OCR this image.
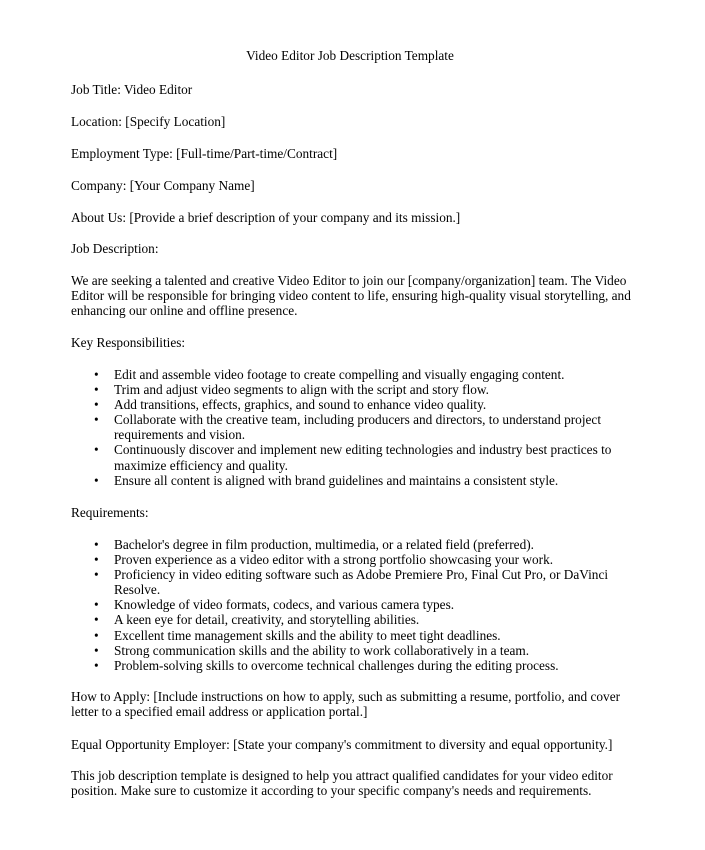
Video Editor Job Description Template

Job Title: Video Editor

Location: [Specify Location]

Employment Type: [Full-time/Part-time/Contract]

Company: [Your Company Name]

About Us: [Provide a brief description of your company and its mission.]

Job Description:

We are seeking a talented and creative Video Editor to join our [company/organization] team. The Video Editor will be responsible for bringing video content to life, ensuring high-quality visual storytelling, and enhancing our online and offline presence.

Key Responsibilities:

• Edit and assemble video footage to create compelling and visually engaging content.
• Trim and adjust video segments to align with the script and story flow.
• Add transitions, effects, graphics, and sound to enhance video quality.
• Collaborate with the creative team, including producers and directors, to understand project requirements and vision.
• Continuously discover and implement new editing technologies and industry best practices to maximize efficiency and quality.
• Ensure all content is aligned with brand guidelines and maintains a consistent style.

Requirements:

• Bachelor's degree in film production, multimedia, or a related field (preferred).
• Proven experience as a video editor with a strong portfolio showcasing your work.
• Proficiency in video editing software such as Adobe Premiere Pro, Final Cut Pro, or DaVinci Resolve.
• Knowledge of video formats, codecs, and various camera types.
• A keen eye for detail, creativity, and storytelling abilities.
• Excellent time management skills and the ability to meet tight deadlines.
• Strong communication skills and the ability to work collaboratively in a team.
• Problem-solving skills to overcome technical challenges during the editing process.

How to Apply: [Include instructions on how to apply, such as submitting a resume, portfolio, and cover letter to a specified email address or application portal.]

Equal Opportunity Employer: [State your company's commitment to diversity and equal opportunity.]

This job description template is designed to help you attract qualified candidates for your video editor position. Make sure to customize it according to your specific company's needs and requirements.
